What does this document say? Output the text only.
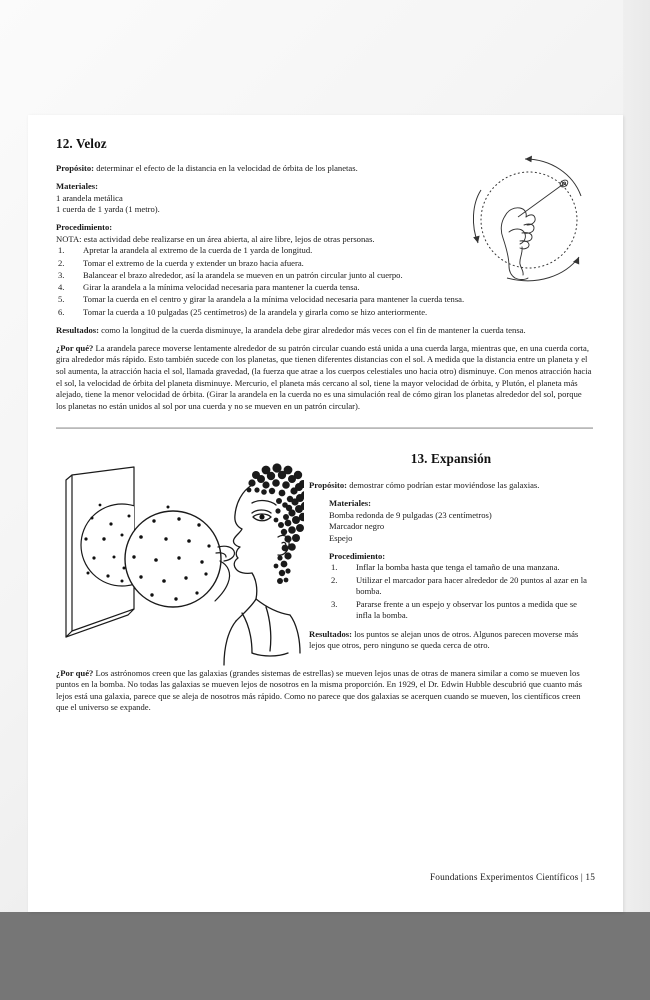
12. Veloz

Propósito: determinar el efecto de la distancia en la velocidad de órbita de los planetas.

Materiales:
1 arandela metálica
1 cuerda de 1 yarda (1 metro).
Procedimiento:
NOTA: esta actividad debe realizarse en un área abierta, al aire libre, lejos de otras personas.
Apretar la arandela al extremo de la cuerda de 1 yarda de longitud.
Tomar el extremo de la cuerda y extender un brazo hacia afuera.
Balancear el brazo alrededor, así la arandela se mueven en un patrón circular junto al cuerpo.
Girar la arandela a la mínima velocidad necesaria para mantener la cuerda tensa.
Tomar la cuerda en el centro y girar la arandela a la mínima velocidad necesaria para mantener la cuerda tensa.
Tomar la cuerda a 10 pulgadas (25 centímetros) de la arandela y girarla como se hizo anteriormente.

Resultados: como la longitud de la cuerda disminuye, la arandela debe girar alrededor más veces con el fin de mantener la cuerda tensa.

¿Por qué? La arandela parece moverse lentamente alrededor de su patrón circular cuando está unida a una cuerda larga, mientras que, en una cuerda corta, gira alrededor más rápido. Esto también sucede con los planetas, que tienen diferentes distancias con el sol. A medida que la distancia entre un planeta y el sol aumenta, la atracción hacia el sol, llamada gravedad, (la fuerza que atrae a los cuerpos celestiales uno hacia otro) disminuye. Con menos atracción hacia el sol, la velocidad de órbita del planeta disminuye. Mercurio, el planeta más cercano al sol, tiene la mayor velocidad de órbita, y Plutón, el planeta más alejado, tiene la menor velocidad de órbita. (Girar la arandela en la cuerda no es una simulación real de cómo giran los planetas alrededor del sol, porque los planetas no están unidos al sol por una cuerda y no se mueven en un patrón circular).

13. Expansión

Propósito: demostrar cómo podrían estar moviéndose las galaxias.

Materiales:
Bomba redonda de 9 pulgadas (23 centímetros)
Marcador negro
Espejo
Procedimiento:
Inflar la bomba hasta que tenga el tamaño de una manzana.
Utilizar el marcador para hacer alrededor de 20 puntos al azar en la bomba.
Pararse frente a un espejo y observar los puntos a medida que se infla la bomba.

Resultados: los puntos se alejan unos de otros. Algunos parecen moverse más lejos que otros, pero ninguno se queda cerca de otro.

¿Por qué? Los astrónomos creen que las galaxias (grandes sistemas de estrellas) se mueven lejos unas de otras de manera similar a como se mueven los puntos en la bomba. No todas las galaxias se mueven lejos de nosotros en la misma proporción. En 1929, el Dr. Edwin Hubble descubrió que cuanto más lejos está una galaxia, parece que se aleja de nosotros más rápido. Como no parece que dos galaxias se acerquen cuando se mueven, los científicos creen que el universo se expande.

Foundations Experimentos Científicos | 15
